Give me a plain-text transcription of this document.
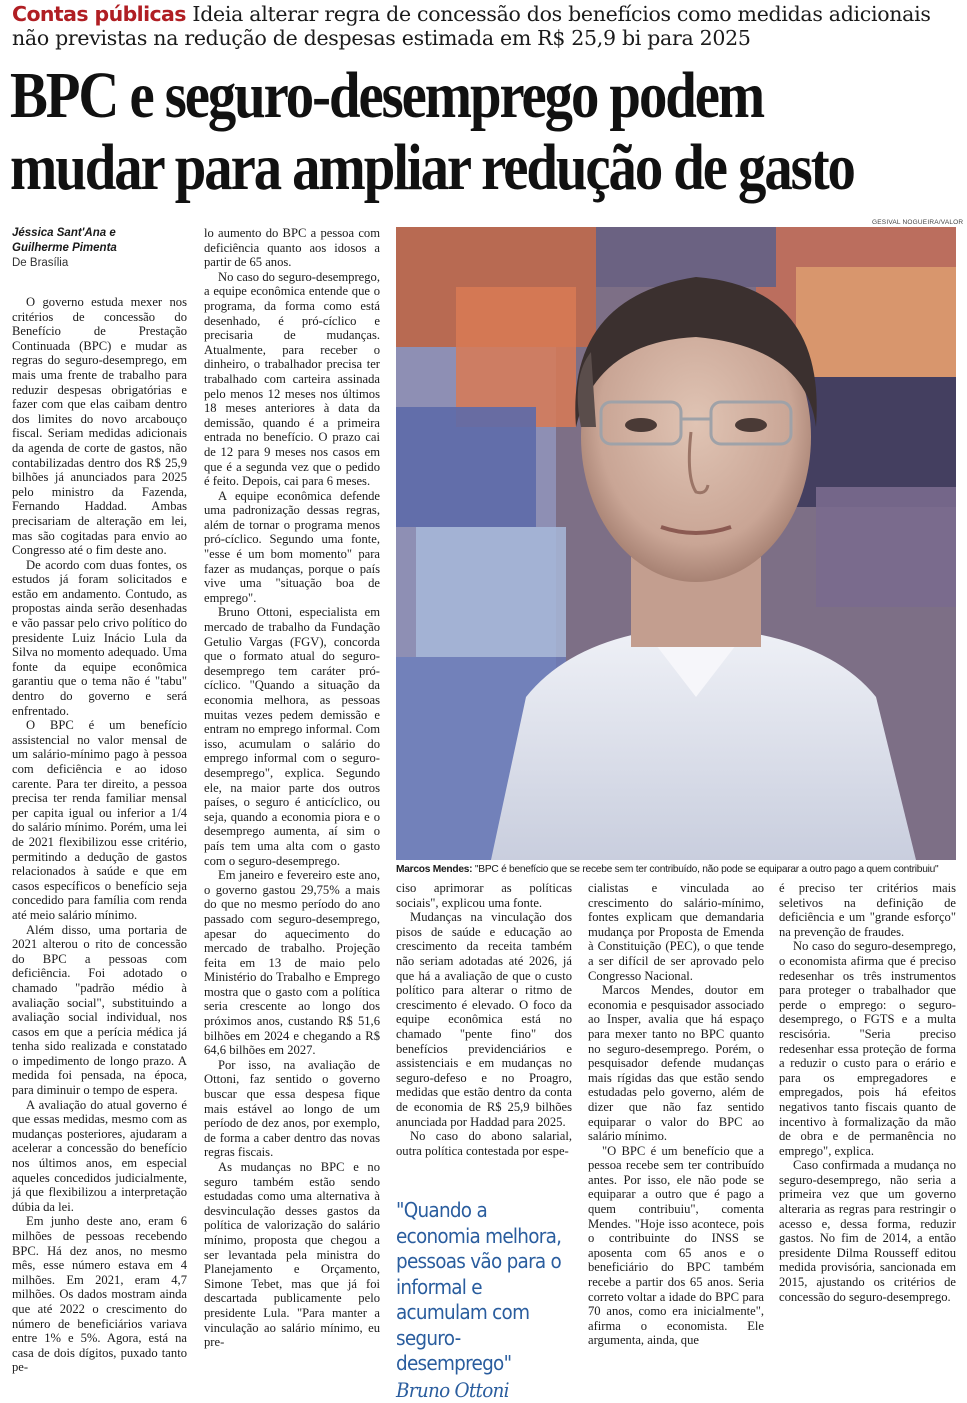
Contas públicas Ideia alterar regra de concessão dos benefícios como medidas adicionais não previstas na redução de despesas estimada em R$ 25,9 bi para 2025
BPC e seguro-desemprego podem
mudar para ampliar redução de gasto
Jéssica Sant'Ana e
Guilherme Pimenta
De Brasília

O governo estuda mexer nos critérios de concessão do Benefício de Prestação Continuada (BPC) e mudar as regras do seguro-desemprego, em mais uma frente de trabalho para reduzir despesas obrigatórias e fazer com que elas caibam dentro dos limites do novo arcabouço fiscal. Seriam medidas adicionais da agenda de corte de gastos, não contabilizadas dentro dos R$ 25,9 bilhões já anunciados para 2025 pelo ministro da Fazenda, Fernando Haddad. Ambas precisariam de alteração em lei, mas são cogitadas para envio ao Congresso até o fim deste ano.

De acordo com duas fontes, os estudos já foram solicitados e estão em andamento. Contudo, as propostas ainda serão desenhadas e vão passar pelo crivo político do presidente Luiz Inácio Lula da Silva no momento adequado. Uma fonte da equipe econômica garantiu que o tema não é "tabu" dentro do governo e será enfrentado.

O BPC é um benefício assistencial no valor mensal de um salário-mínimo pago à pessoa com deficiência e ao idoso carente. Para ter direito, a pessoa precisa ter renda familiar mensal per capita igual ou inferior a 1/4 do salário mínimo. Porém, uma lei de 2021 flexibilizou esse critério, permitindo a dedução de gastos relacionados à saúde e que em casos específicos o benefício seja concedido para família com renda até meio salário mínimo.

Além disso, uma portaria de 2021 alterou o rito de concessão do BPC a pessoas com deficiência. Foi adotado o chamado "padrão médio à avaliação social", substituindo a avaliação social individual, nos casos em que a perícia médica já tenha sido realizada e constatado o impedimento de longo prazo. A medida foi pensada, na época, para diminuir o tempo de espera.

A avaliação do atual governo é que essas medidas, mesmo com as mudanças posteriores, ajudaram a acelerar a concessão do benefício nos últimos anos, em especial aqueles concedidos judicialmente, já que flexibilizou a interpretação dúbia da lei.

Em junho deste ano, eram 6 milhões de pessoas recebendo BPC. Há dez anos, no mesmo mês, esse número estava em 4 milhões. Em 2021, eram 4,7 milhões. Os dados mostram ainda que até 2022 o crescimento do número de beneficiários variava entre 1% e 5%. Agora, está na casa de dois dígitos, puxado tanto pe-

lo aumento do BPC a pessoa com deficiência quanto aos idosos a partir de 65 anos.

No caso do seguro-desemprego, a equipe econômica entende que o programa, da forma como está desenhado, é pró-cíclico e precisaria de mudanças. Atualmente, para receber o dinheiro, o trabalhador precisa ter trabalhado com carteira assinada pelo menos 12 meses nos últimos 18 meses anteriores à data da demissão, quando é a primeira entrada no benefício. O prazo cai de 12 para 9 meses nos casos em que é a segunda vez que o pedido é feito. Depois, cai para 6 meses.

A equipe econômica defende uma padronização dessas regras, além de tornar o programa menos pró-cíclico. Segundo uma fonte, "esse é um bom momento" para fazer as mudanças, porque o país vive uma "situação boa de emprego".

Bruno Ottoni, especialista em mercado de trabalho da Fundação Getulio Vargas (FGV), concorda que o formato atual do seguro-desemprego tem caráter pró-cíclico. "Quando a situação da economia melhora, as pessoas muitas vezes pedem demissão e entram no emprego informal. Com isso, acumulam o salário do emprego informal com o seguro-desemprego", explica. Segundo ele, na maior parte dos outros países, o seguro é anticíclico, ou seja, quando a economia piora e o desemprego aumenta, aí sim o país tem uma alta com o gasto com o seguro-desemprego.

Em janeiro e fevereiro este ano, o governo gastou 29,75% a mais do que no mesmo período do ano passado com seguro-desemprego, apesar do aquecimento do mercado de trabalho. Projeção feita em 13 de maio pelo Ministério do Trabalho e Emprego mostra que o gasto com a política seria crescente ao longo dos próximos anos, custando R$ 51,6 bilhões em 2024 e chegando a R$ 64,6 bilhões em 2027.

Por isso, na avaliação de Ottoni, faz sentido o governo buscar que essa despesa fique mais estável ao longo de um período de dez anos, por exemplo, de forma a caber dentro das novas regras fiscais.

As mudanças no BPC e no seguro também estão sendo estudadas como uma alternativa à desvinculação desses gastos da política de valorização do salário mínimo, proposta que chegou a ser levantada pela ministra do Planejamento e Orçamento, Simone Tebet, mas que já foi descartada publicamente pelo presidente Lula. "Para manter a vinculação ao salário mínimo, eu pre-

GESIVAL NOGUEIRA/VALOR
Marcos Mendes: "BPC é benefício que se recebe sem ter contribuído, não pode se equiparar a outro pago a quem contribuiu"

ciso aprimorar as políticas sociais", explicou uma fonte.

Mudanças na vinculação dos pisos de saúde e educação ao crescimento da receita também não seriam adotadas até 2026, já que há a avaliação de que o custo político para alterar o ritmo de crescimento é elevado. O foco da equipe econômica está no chamado "pente fino" dos benefícios previdenciários e assistenciais e em mudanças no seguro-defeso e no Proagro, medidas que estão dentro da conta de economia de R$ 25,9 bilhões anunciada por Haddad para 2025.

No caso do abono salarial, outra política contestada por espe-

"Quando a economia melhora, pessoas vão para o informal e acumulam com seguro-desemprego"
Bruno Ottoni

cialistas e vinculada ao crescimento do salário-mínimo, fontes explicam que demandaria mudança por Proposta de Emenda à Constituição (PEC), o que tende a ser difícil de ser aprovado pelo Congresso Nacional.

Marcos Mendes, doutor em economia e pesquisador associado ao Insper, avalia que há espaço para mexer tanto no BPC quanto no seguro-desemprego. Porém, o pesquisador defende mudanças mais rígidas das que estão sendo estudadas pelo governo, além de dizer que não faz sentido equiparar o valor do BPC ao salário mínimo.

"O BPC é um benefício que a pessoa recebe sem ter contribuído antes. Por isso, ele não pode se equiparar a outro que é pago a quem contribuiu", comenta Mendes. "Hoje isso acontece, pois o contribuinte do INSS se aposenta com 65 anos e o beneficiário do BPC também recebe a partir dos 65 anos. Seria correto voltar a idade do BPC para 70 anos, como era inicialmente", afirma o economista. Ele argumenta, ainda, que

é preciso ter critérios mais seletivos na definição de deficiência e um "grande esforço" na prevenção de fraudes.

No caso do seguro-desemprego, o economista afirma que é preciso redesenhar os três instrumentos para proteger o trabalhador que perde o emprego: o seguro-desemprego, o FGTS e a multa rescisória. "Seria preciso redesenhar essa proteção de forma a reduzir o custo para o erário e para os empregadores e empregados, pois há efeitos negativos tanto fiscais quanto de incentivo à formalização da mão de obra e de permanência no emprego", explica.

Caso confirmada a mudança no seguro-desemprego, não seria a primeira vez que um governo alteraria as regras para restringir o acesso e, dessa forma, reduzir gastos. No fim de 2014, a então presidente Dilma Rousseff editou medida provisória, sancionada em 2015, ajustando os critérios de concessão do seguro-desemprego.
